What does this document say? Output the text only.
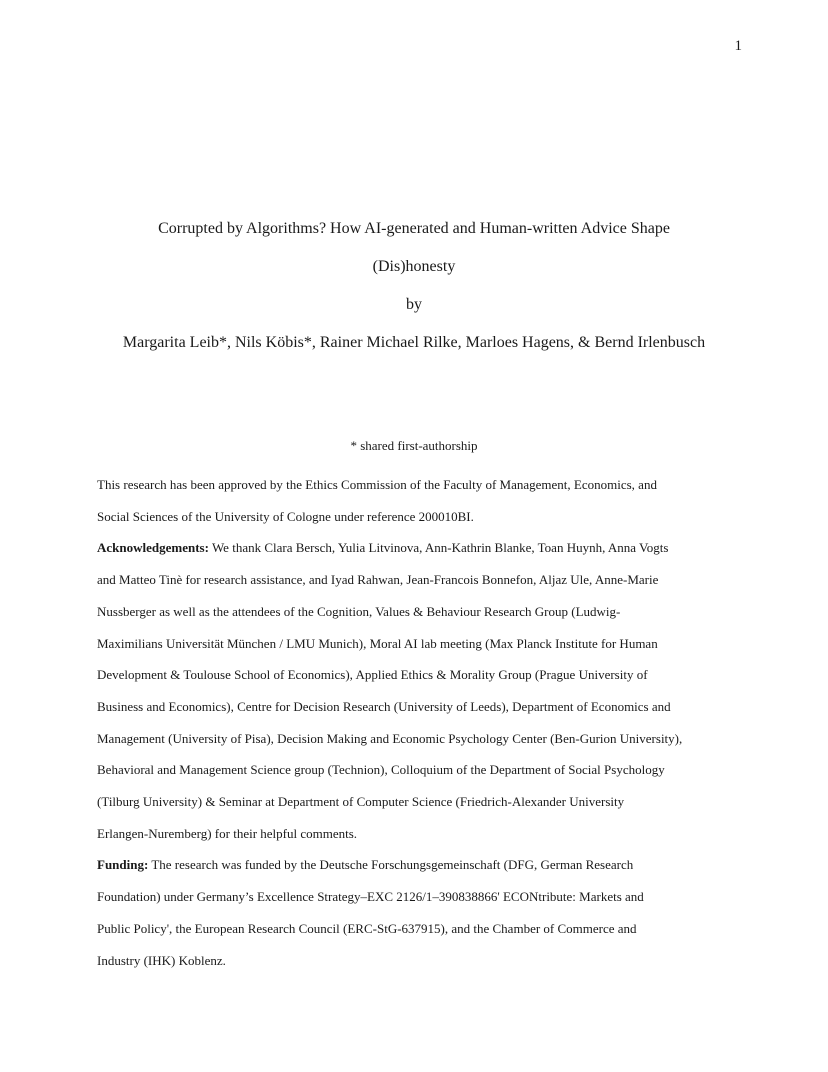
1
Corrupted by Algorithms? How AI-generated and Human-written Advice Shape
(Dis)honesty
by
Margarita Leib*, Nils Köbis*, Rainer Michael Rilke, Marloes Hagens, & Bernd Irlenbusch
* shared first-authorship
This research has been approved by the Ethics Commission of the Faculty of Management, Economics, and
Social Sciences of the University of Cologne under reference 200010BI.
Acknowledgements: We thank Clara Bersch, Yulia Litvinova, Ann-Kathrin Blanke, Toan Huynh, Anna Vogts
and Matteo Tinè for research assistance, and Iyad Rahwan, Jean-Francois Bonnefon, Aljaz Ule, Anne-Marie
Nussberger as well as the attendees of the Cognition, Values & Behaviour Research Group (Ludwig-
Maximilians Universität München / LMU Munich), Moral AI lab meeting (Max Planck Institute for Human
Development & Toulouse School of Economics), Applied Ethics & Morality Group (Prague University of
Business and Economics), Centre for Decision Research (University of Leeds), Department of Economics and
Management (University of Pisa), Decision Making and Economic Psychology Center (Ben-Gurion University),
Behavioral and Management Science group (Technion), Colloquium of the Department of Social Psychology
(Tilburg University) & Seminar at Department of Computer Science (Friedrich-Alexander University
Erlangen-Nuremberg) for their helpful comments.
Funding: The research was funded by the Deutsche Forschungsgemeinschaft (DFG, German Research
Foundation) under Germany’s Excellence Strategy–EXC 2126/1–390838866' ECONtribute: Markets and
Public Policy', the European Research Council (ERC-StG-637915), and the Chamber of Commerce and
Industry (IHK) Koblenz.
